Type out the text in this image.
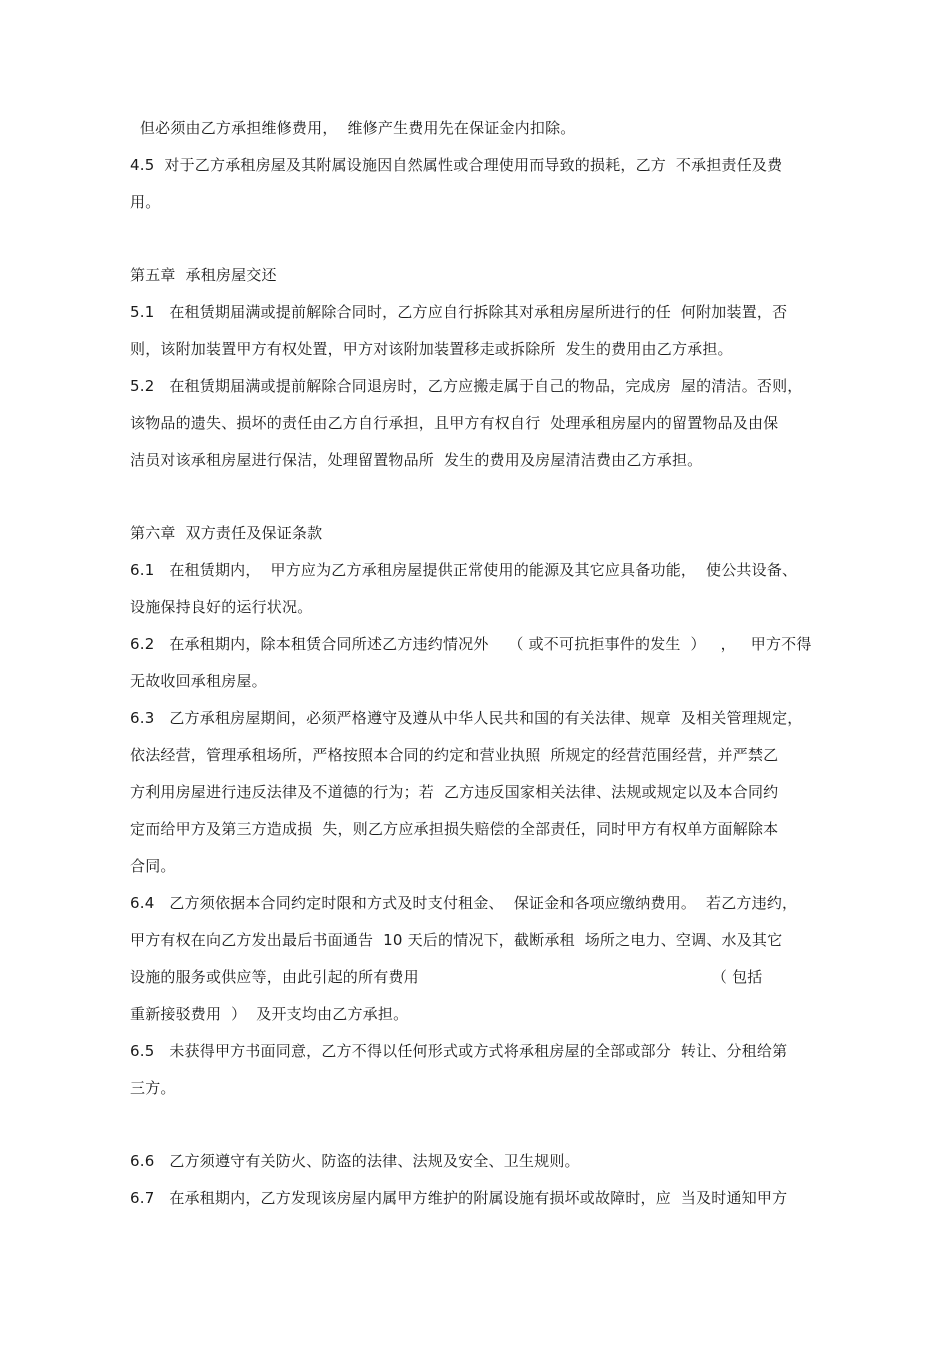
但必须由乙方承担维修费用，  维修产生费用先在保证金内扣除。
4.5  对于乙方承租房屋及其附属设施因自然属性或合理使用而导致的损耗，乙方  不承担责任及费
用。
第五章  承租房屋交还
5.1   在租赁期届满或提前解除合同时，乙方应自行拆除其对承租房屋所进行的任  何附加装置，否
则，该附加装置甲方有权处置，甲方对该附加装置移走或拆除所  发生的费用由乙方承担。
5.2   在租赁期届满或提前解除合同退房时，乙方应搬走属于自己的物品，完成房  屋的清洁。否则，
该物品的遗失、损坏的责任由乙方自行承担，且甲方有权自行  处理承租房屋内的留置物品及由保
洁员对该承租房屋进行保洁，处理留置物品所  发生的费用及房屋清洁费由乙方承担。
第六章  双方责任及保证条款
6.1   在租赁期内，  甲方应为乙方承租房屋提供正常使用的能源及其它应具备功能，  使公共设备、
设施保持良好的运行状况。
6.2   在承租期内，除本租赁合同所述乙方违约情况外    （ 或不可抗拒事件的发生  ）   ，   甲方不得
无故收回承租房屋。
6.3   乙方承租房屋期间，必须严格遵守及遵从中华人民共和国的有关法律、规章  及相关管理规定，
依法经营，管理承租场所，严格按照本合同的约定和营业执照  所规定的经营范围经营，并严禁乙
方利用房屋进行违反法律及不道德的行为；若  乙方违反国家相关法律、法规或规定以及本合同约
定而给甲方及第三方造成损  失，则乙方应承担损失赔偿的全部责任，同时甲方有权单方面解除本
合同。
6.4   乙方须依据本合同约定时限和方式及时支付租金、  保证金和各项应缴纳费用。  若乙方违约，
甲方有权在向乙方发出最后书面通告  10 天后的情况下，截断承租  场所之电力、空调、水及其它
设施的服务或供应等，由此引起的所有费用                                                           （ 包括
重新接驳费用  ）  及开支均由乙方承担。
6.5   未获得甲方书面同意，乙方不得以任何形式或方式将承租房屋的全部或部分  转让、分租给第
三方。
6.6   乙方须遵守有关防火、防盗的法律、法规及安全、卫生规则。
6.7   在承租期内，乙方发现该房屋内属甲方维护的附属设施有损坏或故障时，应  当及时通知甲方
